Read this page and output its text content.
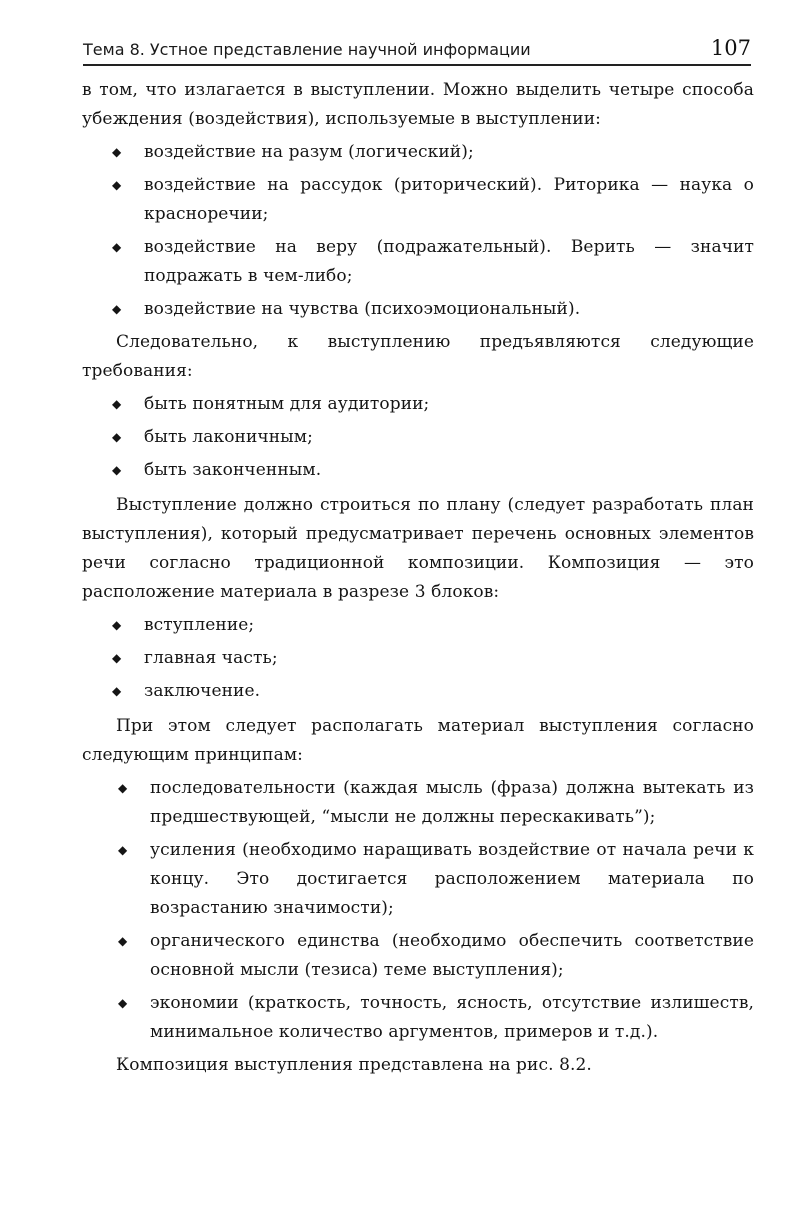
Тема 8. Устное представление научной информации	107

в том, что излагается в выступлении. Можно выделить четыре способа убеждения (воздействия), используемые в выступлении:

◆ воздействие на разум (логический);
◆ воздействие на рассудок (риторический). Риторика — наука о красноречии;
◆ воздействие на веру (подражательный). Верить — значит подражать в чем-либо;
◆ воздействие на чувства (психоэмоциональный).

Следовательно, к выступлению предъявляются следующие требования:

◆ быть понятным для аудитории;
◆ быть лаконичным;
◆ быть законченным.

Выступление должно строиться по плану (следует разработать план выступления), который предусматривает перечень основных элементов речи согласно традиционной композиции. Композиция — это расположение материала в разрезе 3 блоков:

◆ вступление;
◆ главная часть;
◆ заключение.

При этом следует располагать материал выступления согласно следующим принципам:

◆ последовательности (каждая мысль (фраза) должна вытекать из предшествующей, “мысли не должны перескакивать”);
◆ усиления (необходимо наращивать воздействие от начала речи к концу. Это достигается расположением материала по возрастанию значимости);
◆ органического единства (необходимо обеспечить соответствие основной мысли (тезиса) теме выступления);
◆ экономии (краткость, точность, ясность, отсутствие излишеств, минимальное количество аргументов, примеров и т.д.).

Композиция выступления представлена на рис. 8.2.
